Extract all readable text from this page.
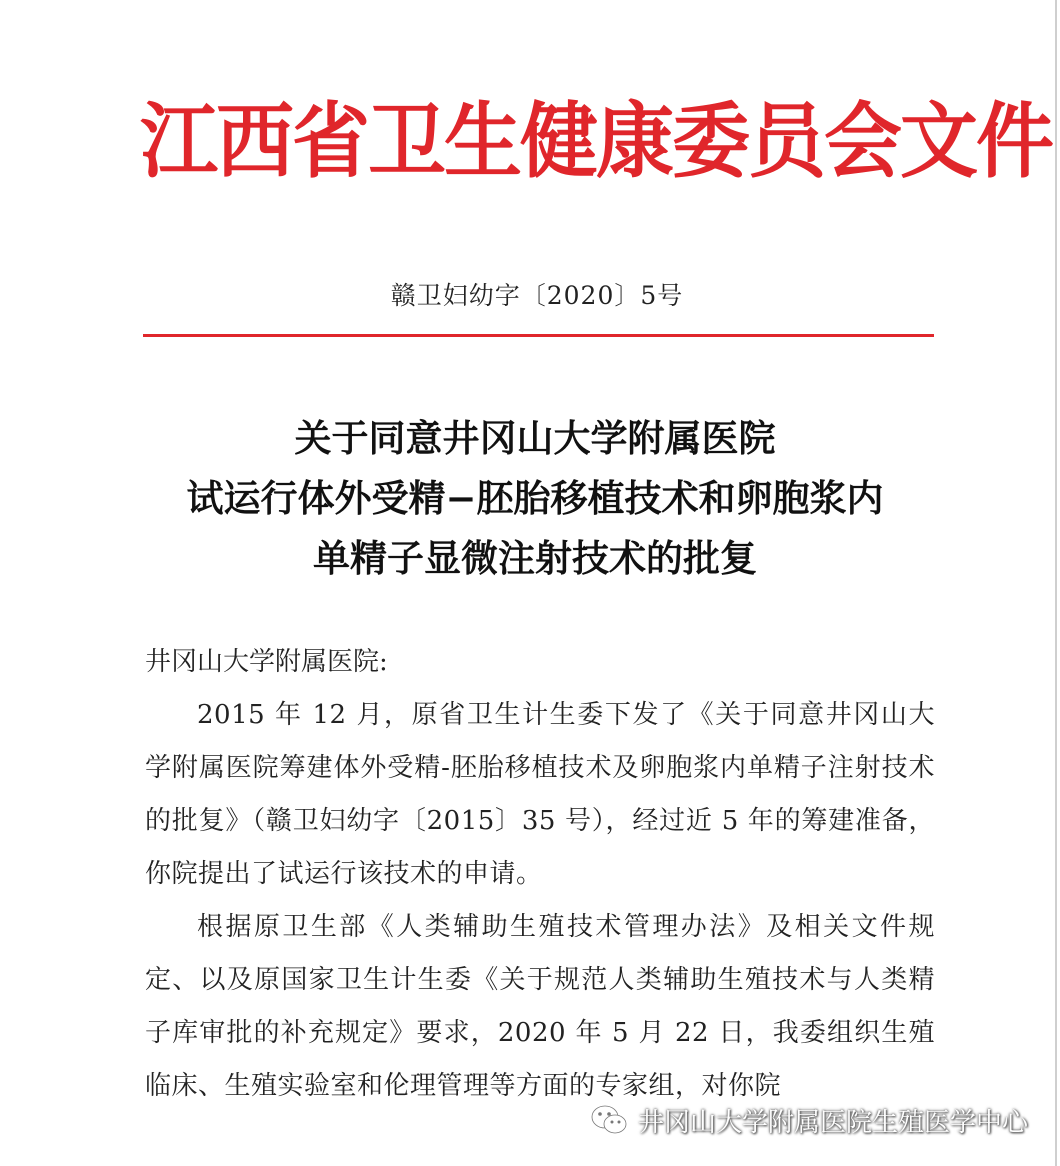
江西省卫生健康委员会文件
赣卫妇幼字〔2020〕5号
关于同意井冈山大学附属医院
试运行体外受精−胚胎移植技术和卵胞浆内
单精子显微注射技术的批复
井冈山大学附属医院:
2015 年 12 月，原省卫生计生委下发了《关于同意井冈山大学附属医院筹建体外受精-胚胎移植技术及卵胞浆内单精子注射技术的批复》（赣卫妇幼字〔2015〕35 号），经过近 5 年的筹建准备，你院提出了试运行该技术的申请。
根据原卫生部《人类辅助生殖技术管理办法》及相关文件规定、以及原国家卫生计生委《关于规范人类辅助生殖技术与人类精子库审批的补充规定》要求，2020 年 5 月 22 日，我委组织生殖临床、生殖实验室和伦理管理等方面的专家组，对你院
井冈山大学附属医院生殖医学中心
